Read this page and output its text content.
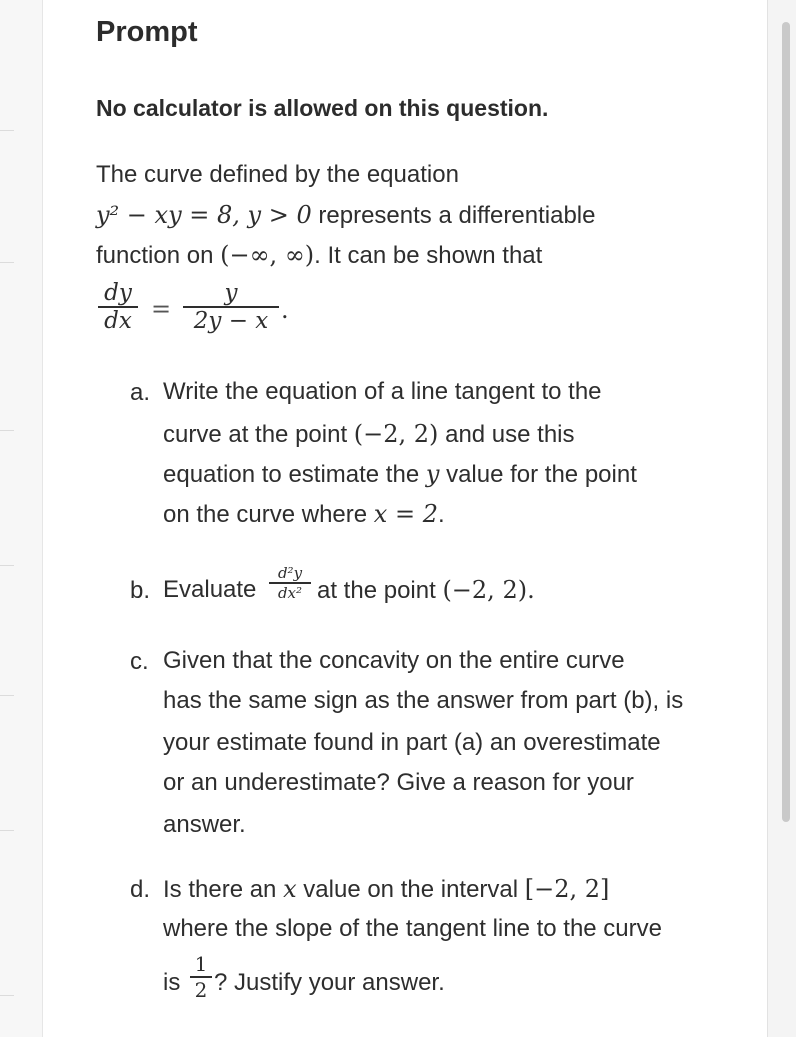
Prompt

No calculator is allowed on this question.

The curve defined by the equation
y² − xy = 8, y > 0 represents a differentiable
function on (−∞, ∞). It can be shown that
dy
dx =
y
2y − x .
a. Write the equation of a line tangent to the
curve at the point (−2, 2) and use this
equation to estimate the y value for the point
on the curve where x = 2.
b. Evaluate
d²y
dx² at the point (−2, 2).
c. Given that the concavity on the entire curve
has the same sign as the answer from part (b), is
your estimate found in part (a) an overestimate
or an underestimate? Give a reason for your
answer.
d. Is there an x value on the interval [−2, 2]
where the slope of the tangent line to the curve
is
1
2 ? Justify your answer.
